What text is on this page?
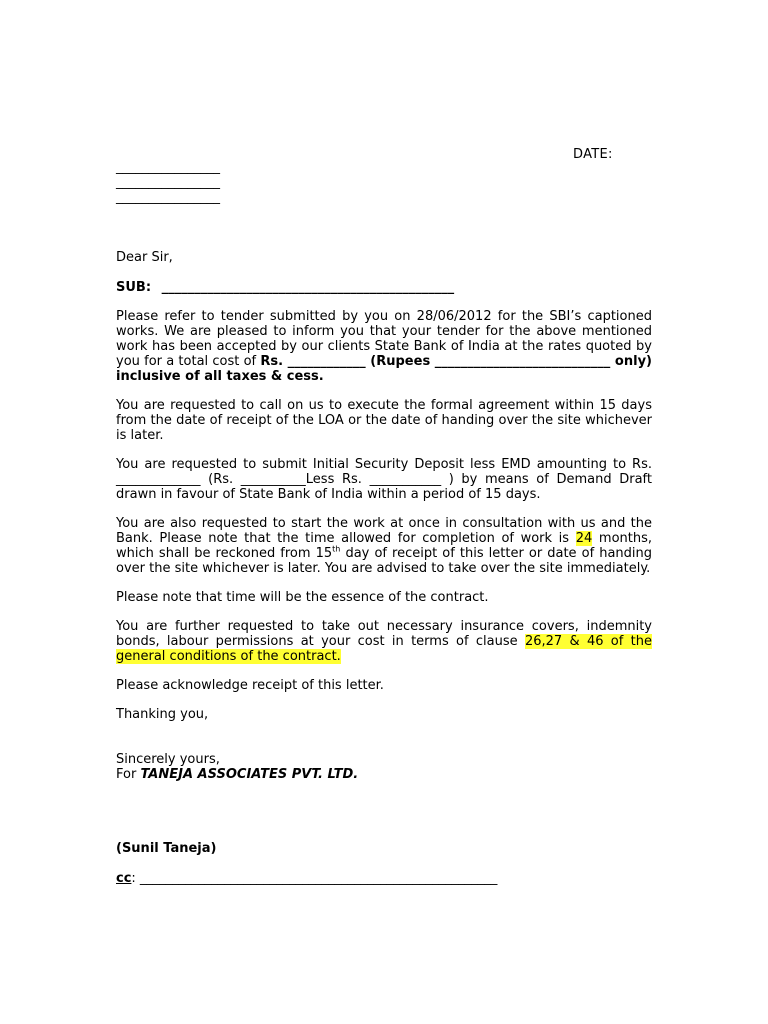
DATE:
________________
________________
________________
Dear Sir,
SUB: _____________________________________________

Please refer to tender submitted by you on 28/06/2012 for the SBI’s captioned works. We are pleased to inform you that your tender for the above mentioned work has been accepted by our clients State Bank of India at the rates quoted by you for a total cost of Rs. ____________ (Rupees ___________________________ only) inclusive of all taxes & cess.

You are requested to call on us to execute the formal agreement within 15 days from the date of receipt of the LOA or the date of handing over the site whichever is later.

You are requested to submit Initial Security Deposit less EMD amounting to Rs. _____________ (Rs. __________Less Rs. ___________ ) by means of Demand Draft drawn in favour of State Bank of India within a period of 15 days.

You are also requested to start the work at once in consultation with us and the Bank. Please note that the time allowed for completion of work is 24 months, which shall be reckoned from 15th day of receipt of this letter or date of handing over the site whichever is later. You are advised to take over the site immediately.

Please note that time will be the essence of the contract.

You are further requested to take out necessary insurance covers, indemnity bonds, labour permissions at your cost in terms of clause 26,27 & 46 of the general conditions of the contract.

Please acknowledge receipt of this letter.

Thanking you,

Sincerely yours,
For TANEJA ASSOCIATES PVT. LTD.
(Sunil Taneja)
cc: _______________________________________________________
